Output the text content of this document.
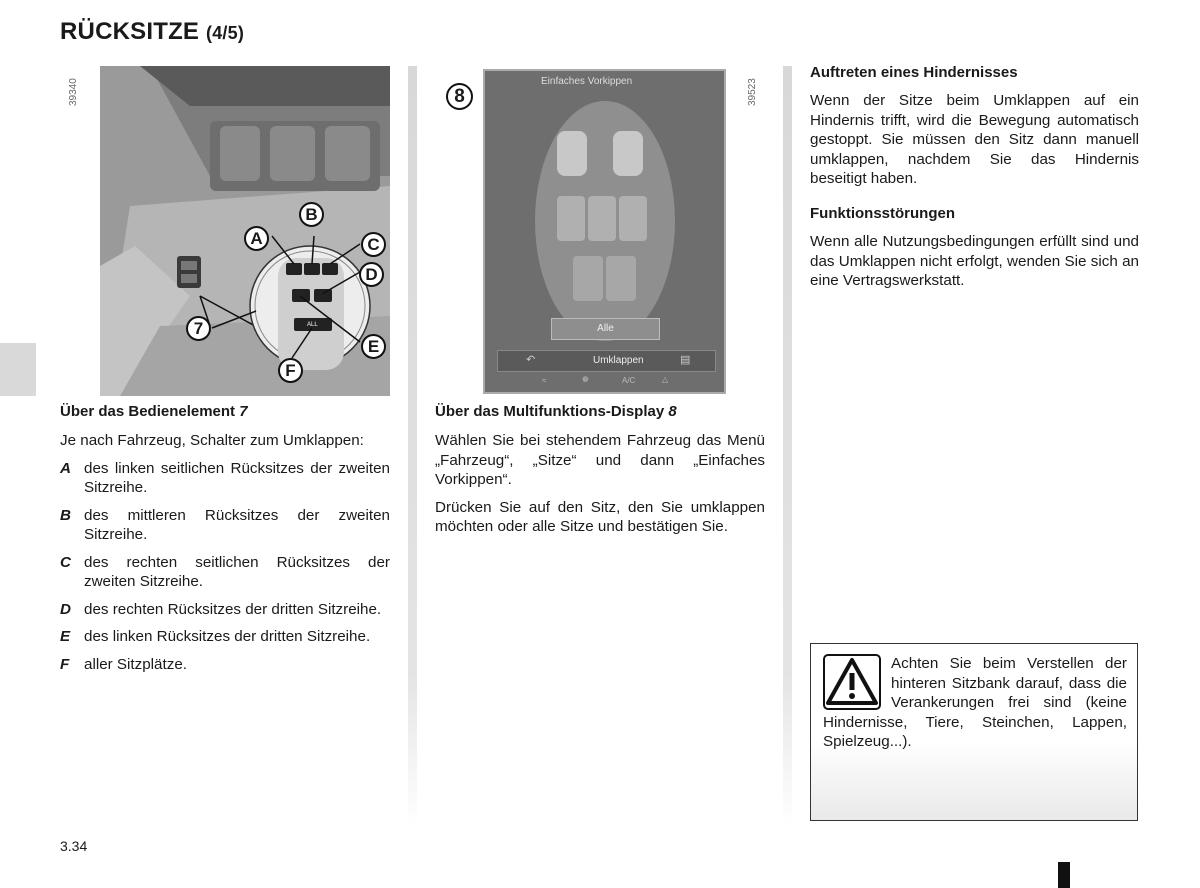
RÜCKSITZE (4/5)
39340
ALL
B
A	C
D
7
E
F
8	39523
Einfaches Vorkippen
Alle
↶	Umklappen	▤
≈	❁	A/C	△
Über das Bedienelement 7

Je nach Fahrzeug, Schalter zum Umklappen:

A des linken seitlichen Rücksitzes der zweiten Sitzreihe.
B des mittleren Rücksitzes der zweiten Sitzreihe.
C des rechten seitlichen Rücksitzes der zweiten Sitzreihe.
D des rechten Rücksitzes der dritten Sitzreihe.
E des linken Rücksitzes der dritten Sitzreihe.
F aller Sitzplätze.
Über das Multifunktions-Display 8

Wählen Sie bei stehendem Fahrzeug das Menü „Fahrzeug“, „Sitze“ und dann „Einfaches Vorkippen“.

Drücken Sie auf den Sitz, den Sie umklappen möchten oder alle Sitze und bestätigen Sie.

Auftreten eines Hindernisses
Wenn der Sitze beim Umklappen auf ein Hindernis trifft, wird die Bewegung automatisch gestoppt. Sie müssen den Sitz dann manuell umklappen, nachdem Sie das Hindernis beseitigt haben.
Funktionsstörungen
Wenn alle Nutzungsbedingungen erfüllt sind und das Umklappen nicht erfolgt, wenden Sie sich an eine Vertragswerkstatt.
Achten Sie beim Verstellen der hinteren Sitzbank darauf, dass die Verankerungen frei sind (keine Hindernisse, Tiere, Steinchen, Lappen, Spielzeug...).
3.34
